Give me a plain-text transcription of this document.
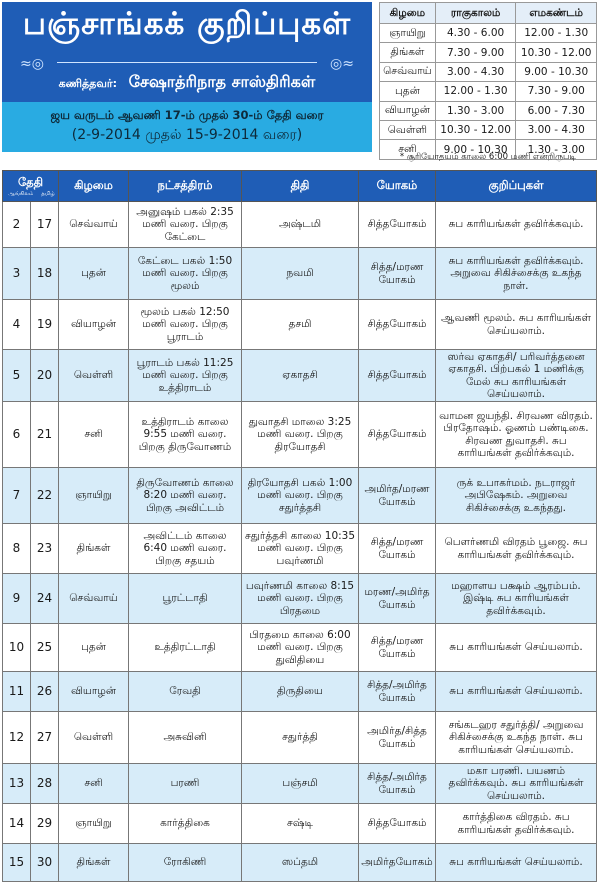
பஞ்சாங்கக் குறிப்புகள்
≈◎	◎≈
கணித்தவர்: சேஷாத்ரிநாத சாஸ்திரிகள்
ஜய வருடம் ஆவணி 17-ம் முதல் 30-ம் தேதி வரை
(2-9-2014 முதல் 15-9-2014 வரை)
கிழமை	ராகுகாலம்	எமகண்டம்
ஞாயிறு	4.30 - 6.00	12.00 - 1.30
திங்கள்	7.30 - 9.00	10.30 - 12.00
செவ்வாய்	3.00 - 4.30	9.00 - 10.30
புதன்	12.00 - 1.30	7.30 - 9.00
வியாழன்	1.30 - 3.00	6.00 - 7.30
வெள்ளி	10.30 - 12.00	3.00 - 4.30
சனி	9.00 - 10.30	1.30 - 3.00
* சூரியோதயம் காலை 6:00 மணி என்றிருபடி
தேதி
ஆங்கிலம் தமிழ்		கிழமை	நட்சத்திரம்	திதி	யோகம்	குறிப்புகள்
2	17	செவ்வாய்	அனுஷம் பகல் 2:35 மணி வரை. பிறகு கேட்டை	அஷ்டமி	சித்தயோகம்	சுப காரியங்கள் தவிர்க்கவும்.
3	18	புதன்	கேட்டை பகல் 1:50 மணி வரை. பிறகு மூலம்	நவமி	சித்த/மரண யோகம்	சுப காரியங்கள் தவிர்க்கவும். அறுவை சிகிச்சைக்கு உகந்த நாள்.
4	19	வியாழன்	மூலம் பகல் 12:50 மணி வரை. பிறகு பூராடம்	தசமி	சித்தயோகம்	ஆவணி மூலம். சுப காரியங்கள் செய்யலாம்.
5	20	வெள்ளி	பூராடம் பகல் 11:25 மணி வரை. பிறகு உத்திராடம்	ஏகாதசி	சித்தயோகம்	ஸர்வ ஏகாதசி/ பரிவர்த்தனை ஏகாதசி. பிற்பகல் 1 மணிக்கு மேல் சுப காரியங்கள் செய்யலாம்.
6	21	சனி	உத்திராடம் காலை 9:55 மணி வரை. பிறகு திருவோணம்	துவாதசி மாலை 3:25 மணி வரை. பிறகு திரயோதசி	சித்தயோகம்	வாமன ஜயந்தி. சிரவண விரதம். பிரதோஷம். ஓணம் பண்டிகை. சிரவண துவாதசி. சுப காரியங்கள் தவிர்க்கவும்.
7	22	ஞாயிறு	திருவோணம் காலை 8:20 மணி வரை. பிறகு அவிட்டம்	திரயோதசி பகல் 1:00 மணி வரை. பிறகு சதுர்த்தசி	அமிர்த/மரண யோகம்	ருக் உபாகர்மம். நடராஜர் அபிஷேகம். அறுவை சிகிச்சைக்கு உகந்தது.
8	23	திங்கள்	அவிட்டம் காலை 6:40 மணி வரை. பிறகு சதயம்	சதுர்த்தசி காலை 10:35 மணி வரை. பிறகு பவுர்ணமி	சித்த/மரண யோகம்	பௌர்ணமி விரதம் பூஜை. சுப காரியங்கள் தவிர்க்கவும்.
9	24	செவ்வாய்	பூரட்டாதி	பவுர்ணமி காலை 8:15 மணி வரை. பிறகு பிரதமை	மரண/அமிர்த யோகம்	மஹாளய பக்ஷம் ஆரம்பம். இஷ்டி சுப காரியங்கள் தவிர்க்கவும்.
10	25	புதன்	உத்திரட்டாதி	பிரதமை காலை 6:00 மணி வரை. பிறகு துவிதியை	சித்த/மரண யோகம்	சுப காரியங்கள் செய்யலாம்.
11	26	வியாழன்	ரேவதி	திருதியை	சித்த/அமிர்த யோகம்	சுப காரியங்கள் செய்யலாம்.
12	27	வெள்ளி	அசுவினி	சதுர்த்தி	அமிர்த/சித்த யோகம்	சங்கடஹர சதுர்த்தி/ அறுவை சிகிச்சைக்கு உகந்த நாள். சுப காரியங்கள் செய்யலாம்.
13	28	சனி	பரணி	பஞ்சமி	சித்த/அமிர்த யோகம்	மகா பரணி. பயணம் தவிர்க்கவும். சுப காரியங்கள் செய்யலாம்.
14	29	ஞாயிறு	கார்த்திகை	சஷ்டி	சித்தயோகம்	கார்த்திகை விரதம். சுப காரியங்கள் தவிர்க்கவும்.
15	30	திங்கள்	ரோகிணி	ஸப்தமி	அமிர்தயோகம்	சுப காரியங்கள் செய்யலாம்.
